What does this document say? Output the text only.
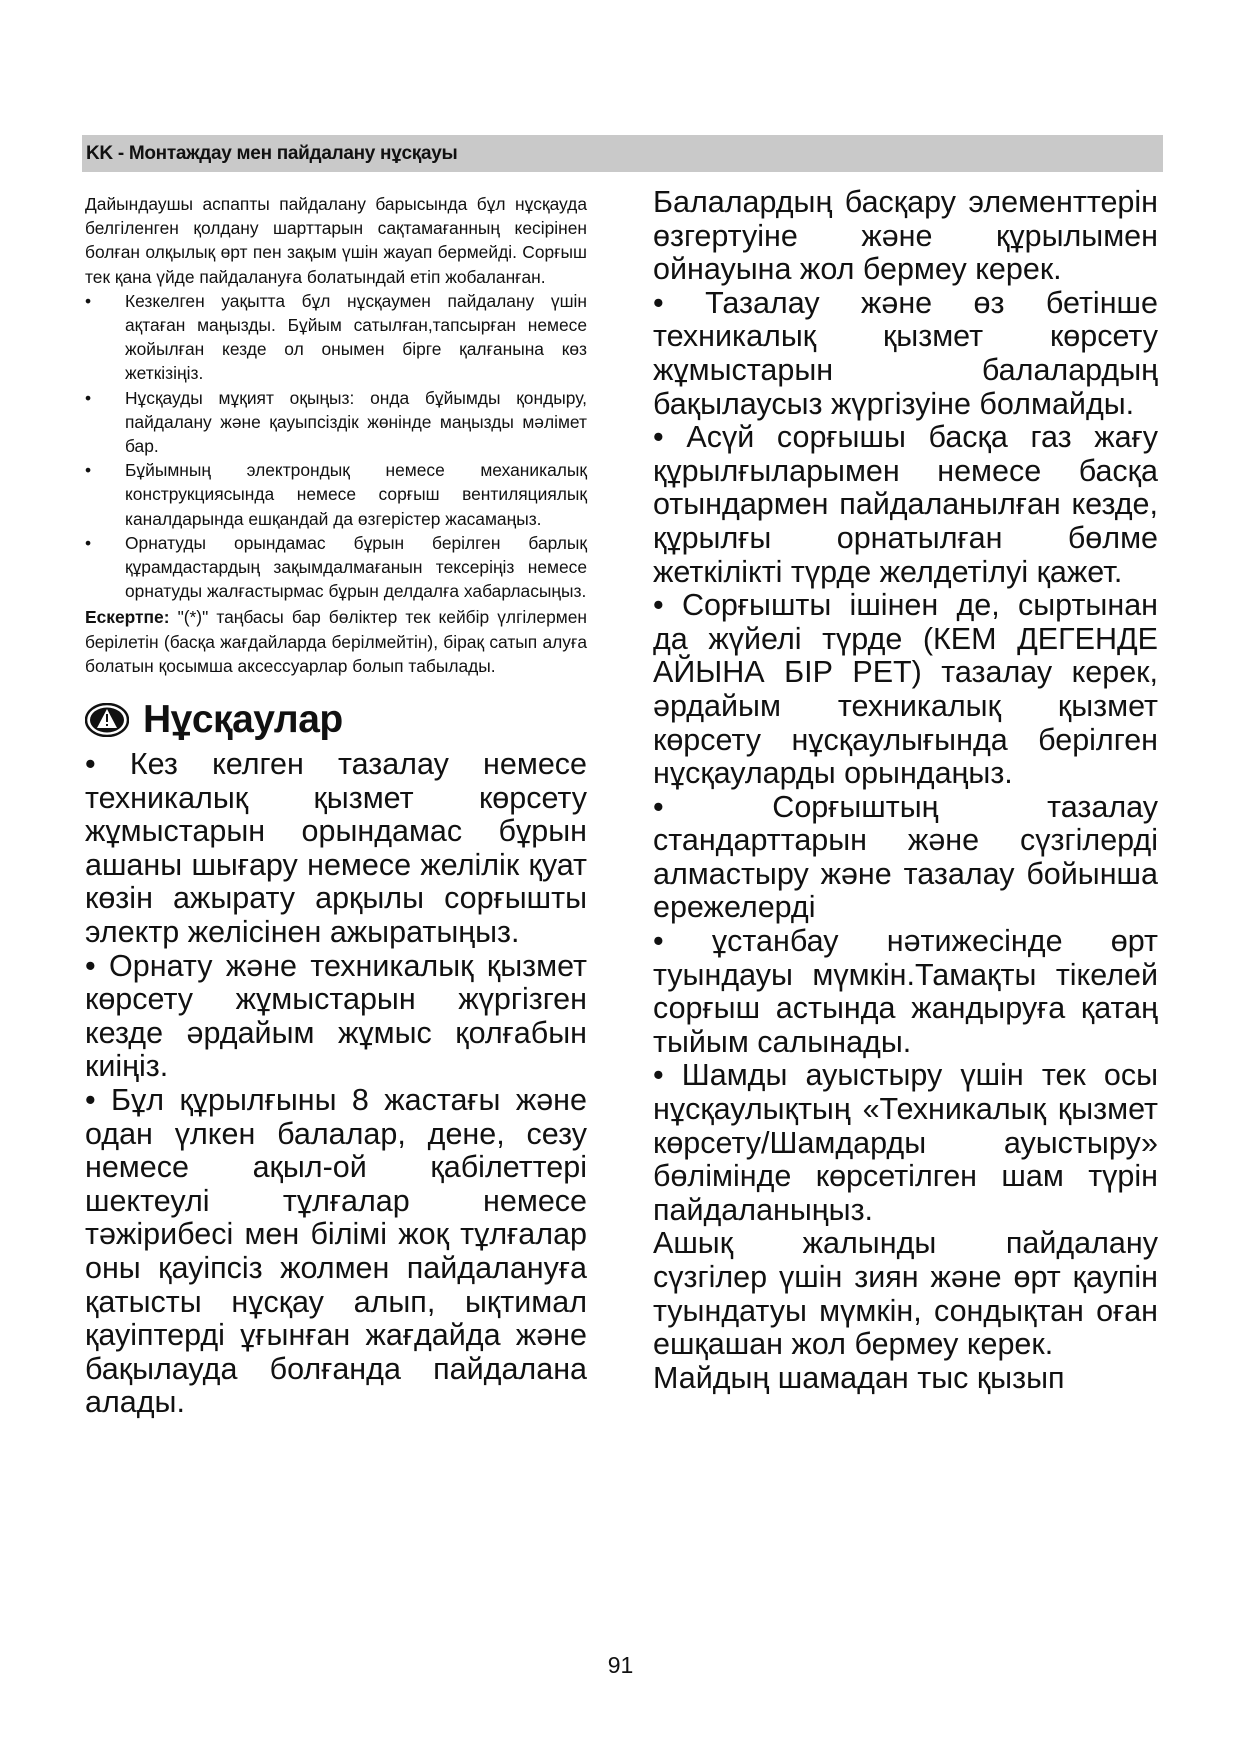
KK - Монтаждау мен пайдалану нұсқауы

Дайындаушы аспапты пайдалану барысында бұл нұсқауда белгіленген қолдану шарттарын сақтамағанның кесірінен болған олқылық өрт пен зақым үшін жауап бермейді. Сорғыш тек қана үйде пайдалануға болатындай етіп жобаланған.

• Кезкелген уақытта бұл нұсқаумен пайдалану үшін ақтаған маңызды. Бұйым сатылған,тапсырған немесе жойылған кезде ол онымен бірге қалғанына көз жеткізіңіз.
• Нұсқауды мұқият оқыңыз: онда бұйымды қондыру, пайдалану және қауыпсіздік жөнінде маңызды мәлімет бар.
• Бұйымның электрондық немесе механикалық конструкциясында немесе сорғыш вентиляциялық каналдарында ешқандай да өзгерістер жасамаңыз.
• Орнатуды орындамас бұрын берілген барлық құрамдастардың зақымдалмағанын тексеріңіз немесе орнатуды жалғастырмас бұрын делдалға хабарласыңыз.

Ескертпе: "(*)" таңбасы бар бөліктер тек кейбір үлгілермен берілетін (басқа жағдайларда берілмейтін), бірақ сатып алуға болатын қосымша аксессуарлар болып табылады.

Нұсқаулар

• Кез келген тазалау немесе техникалық қызмет көрсету жұмыстарын орындамас бұрын ашаны шығару немесе желілік қуат көзін ажырату арқылы сорғышты электр желісінен ажыратыңыз.

• Орнату және техникалық қызмет көрсету жұмыстарын жүргізген кезде әрдайым жұмыс қолғабын киіңіз.

• Бұл құрылғыны 8 жастағы және одан үлкен балалар, дене, сезу немесе ақыл-ой қабілеттері шектеулі тұлғалар немесе тәжірибесі мен білімі жоқ тұлғалар оны қауіпсіз жолмен пайдалануға қатысты нұсқау алып, ықтимал қауіптерді ұғынған жағдайда және бақылауда болғанда пайдалана алады.

Балалардың басқару элементтерін өзгертуіне және құрылымен ойнауына жол бермеу керек.

• Тазалау және өз бетінше техникалық қызмет көрсету жұмыстарын балалардың бақылаусыз жүргізуіне болмайды.

• Асүй сорғышы басқа газ жағу құрылғыларымен немесе басқа отындармен пайдаланылған кезде, құрылғы орнатылған бөлме жеткілікті түрде желдетілуі қажет.

• Сорғышты ішінен де, сыртынан да жүйелі түрде (КЕМ ДЕГЕНДЕ АЙЫНА БІР РЕТ) тазалау керек, әрдайым техникалық қызмет көрсету нұсқаулығында берілген нұсқауларды орындаңыз.

• Сорғыштың тазалау стандарттарын және сүзгілерді алмастыру және тазалау бойынша ережелерді

• ұстанбау нәтижесінде өрт туындауы мүмкін.Тамақты тікелей сорғыш астында жандыруға қатаң тыйым салынады.

• Шамды ауыстыру үшін тек осы нұсқаулықтың «Техникалық қызмет көрсету/Шамдарды ауыстыру» бөлімінде көрсетілген шам түрін пайдаланыңыз.

Ашық жалынды пайдалану сүзгілер үшін зиян және өрт қаупін туындатуы мүмкін, сондықтан оған ешқашан жол бермеу керек.

Майдың шамадан тыс қызып

91
